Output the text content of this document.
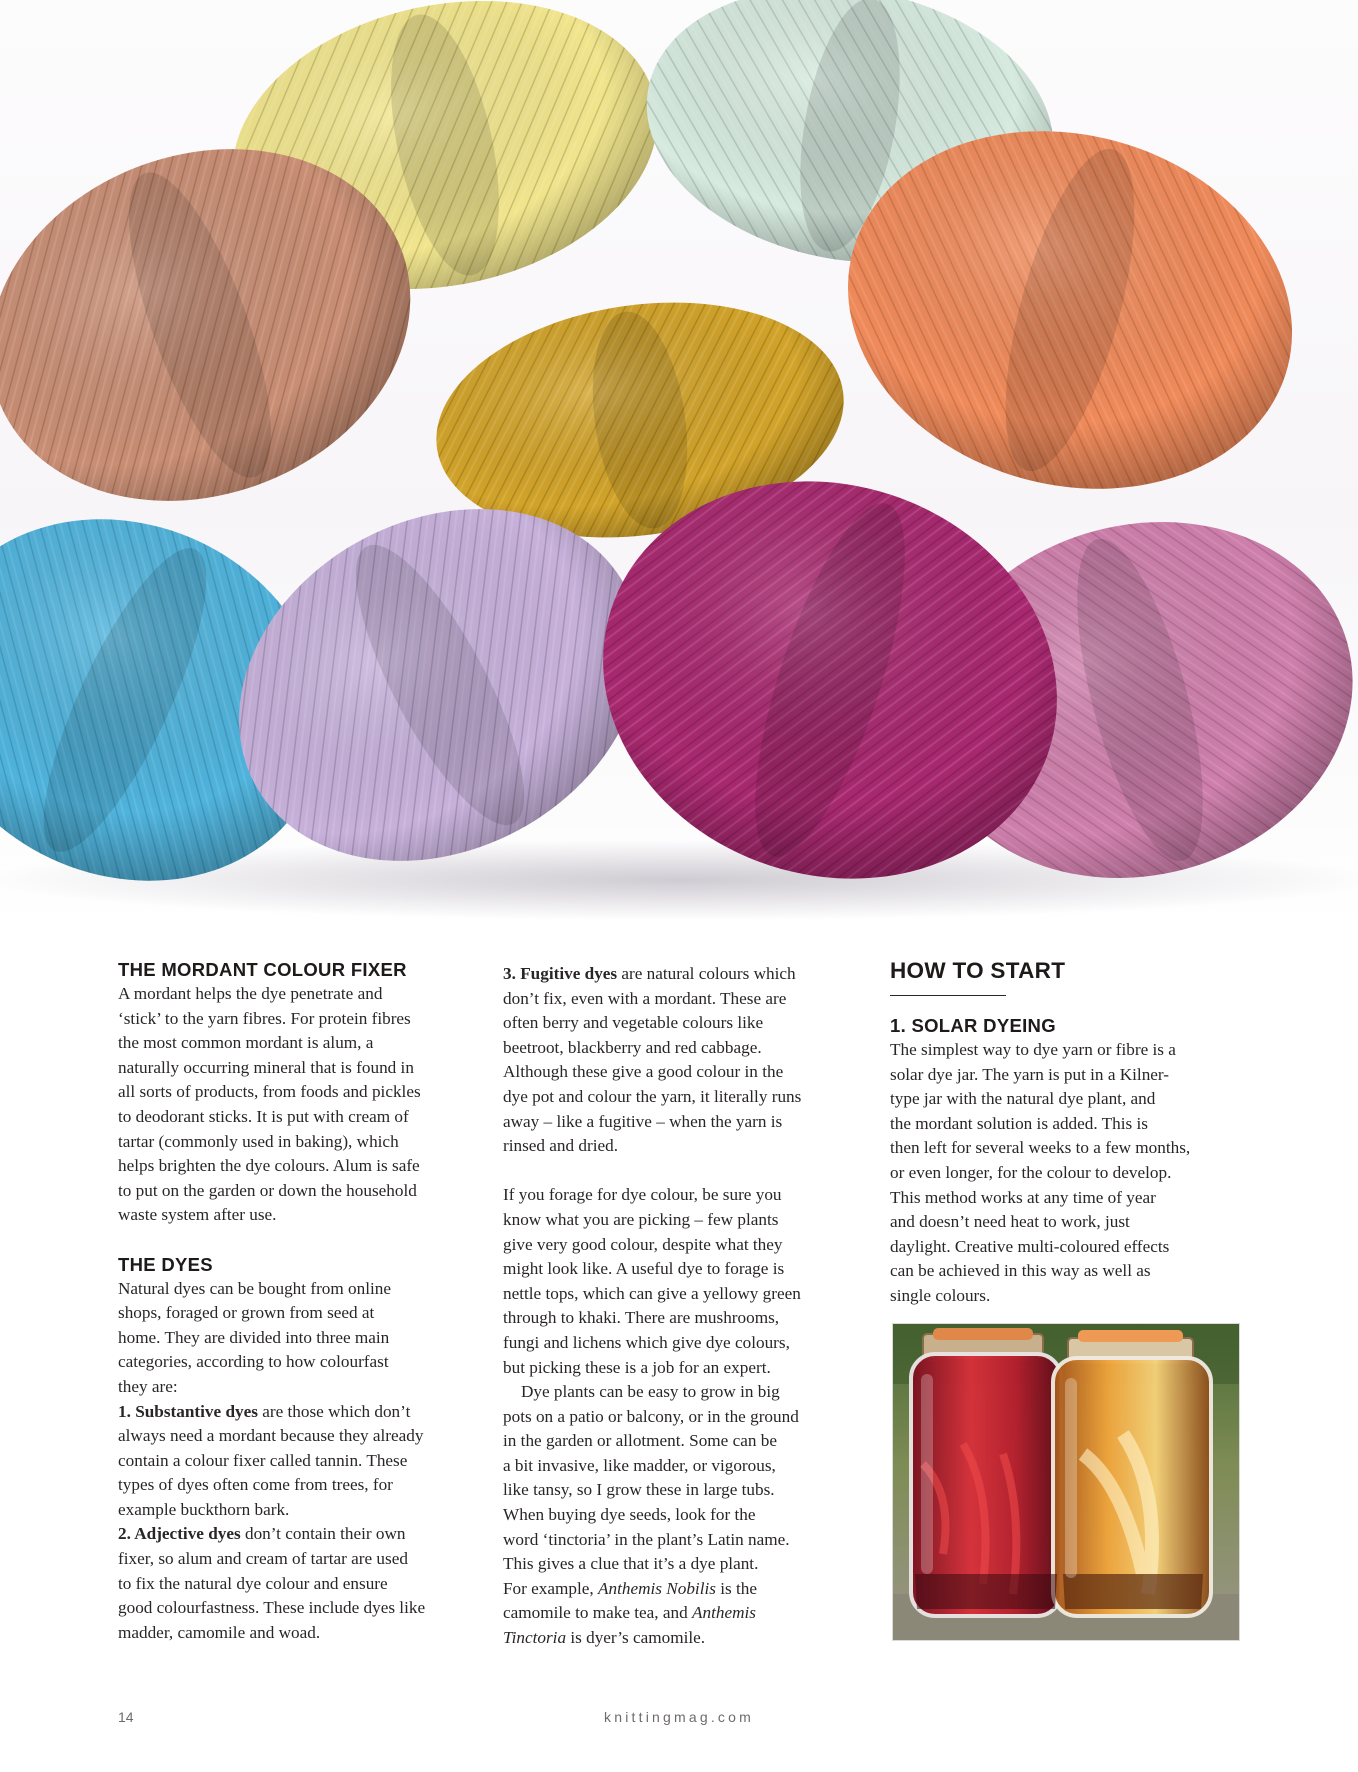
THE MORDANT COLOUR FIXER

A mordant helps the dye penetrate and

‘stick’ to the yarn fibres. For protein fibres

the most common mordant is alum, a

naturally occurring mineral that is found in

all sorts of products, from foods and pickles

to deodorant sticks. It is put with cream of

tartar (commonly used in baking), which

helps brighten the dye colours. Alum is safe

to put on the garden or down the household

waste system after use.

THE DYES

Natural dyes can be bought from online

shops, foraged or grown from seed at

home. They are divided into three main

categories, according to how colourfast

they are:

1. Substantive dyes are those which don’t

always need a mordant because they already

contain a colour fixer called tannin. These

types of dyes often come from trees, for

example buckthorn bark.

2. Adjective dyes don’t contain their own

fixer, so alum and cream of tartar are used

to fix the natural dye colour and ensure

good colourfastness. These include dyes like

madder, camomile and woad.

3. Fugitive dyes are natural colours which

don’t fix, even with a mordant. These are

often berry and vegetable colours like

beetroot, blackberry and red cabbage.

Although these give a good colour in the

dye pot and colour the yarn, it literally runs

away – like a fugitive – when the yarn is

rinsed and dried.

If you forage for dye colour, be sure you

know what you are picking – few plants

give very good colour, despite what they

might look like. A useful dye to forage is

nettle tops, which can give a yellowy green

through to khaki. There are mushrooms,

fungi and lichens which give dye colours,

but picking these is a job for an expert.

Dye plants can be easy to grow in big

pots on a patio or balcony, or in the ground

in the garden or allotment. Some can be

a bit invasive, like madder, or vigorous,

like tansy, so I grow these in large tubs.

When buying dye seeds, look for the

word ‘tinctoria’ in the plant’s Latin name.

This gives a clue that it’s a dye plant.

For example, Anthemis Nobilis is the

camomile to make tea, and Anthemis

Tinctoria is dyer’s camomile.

HOW TO START
1. SOLAR DYEING

The simplest way to dye yarn or fibre is a

solar dye jar. The yarn is put in a Kilner-

type jar with the natural dye plant, and

the mordant solution is added. This is

then left for several weeks to a few months,

or even longer, for the colour to develop.

This method works at any time of year

and doesn’t need heat to work, just

daylight. Creative multi-coloured effects

can be achieved in this way as well as

single colours.

14	knittingmag.com
